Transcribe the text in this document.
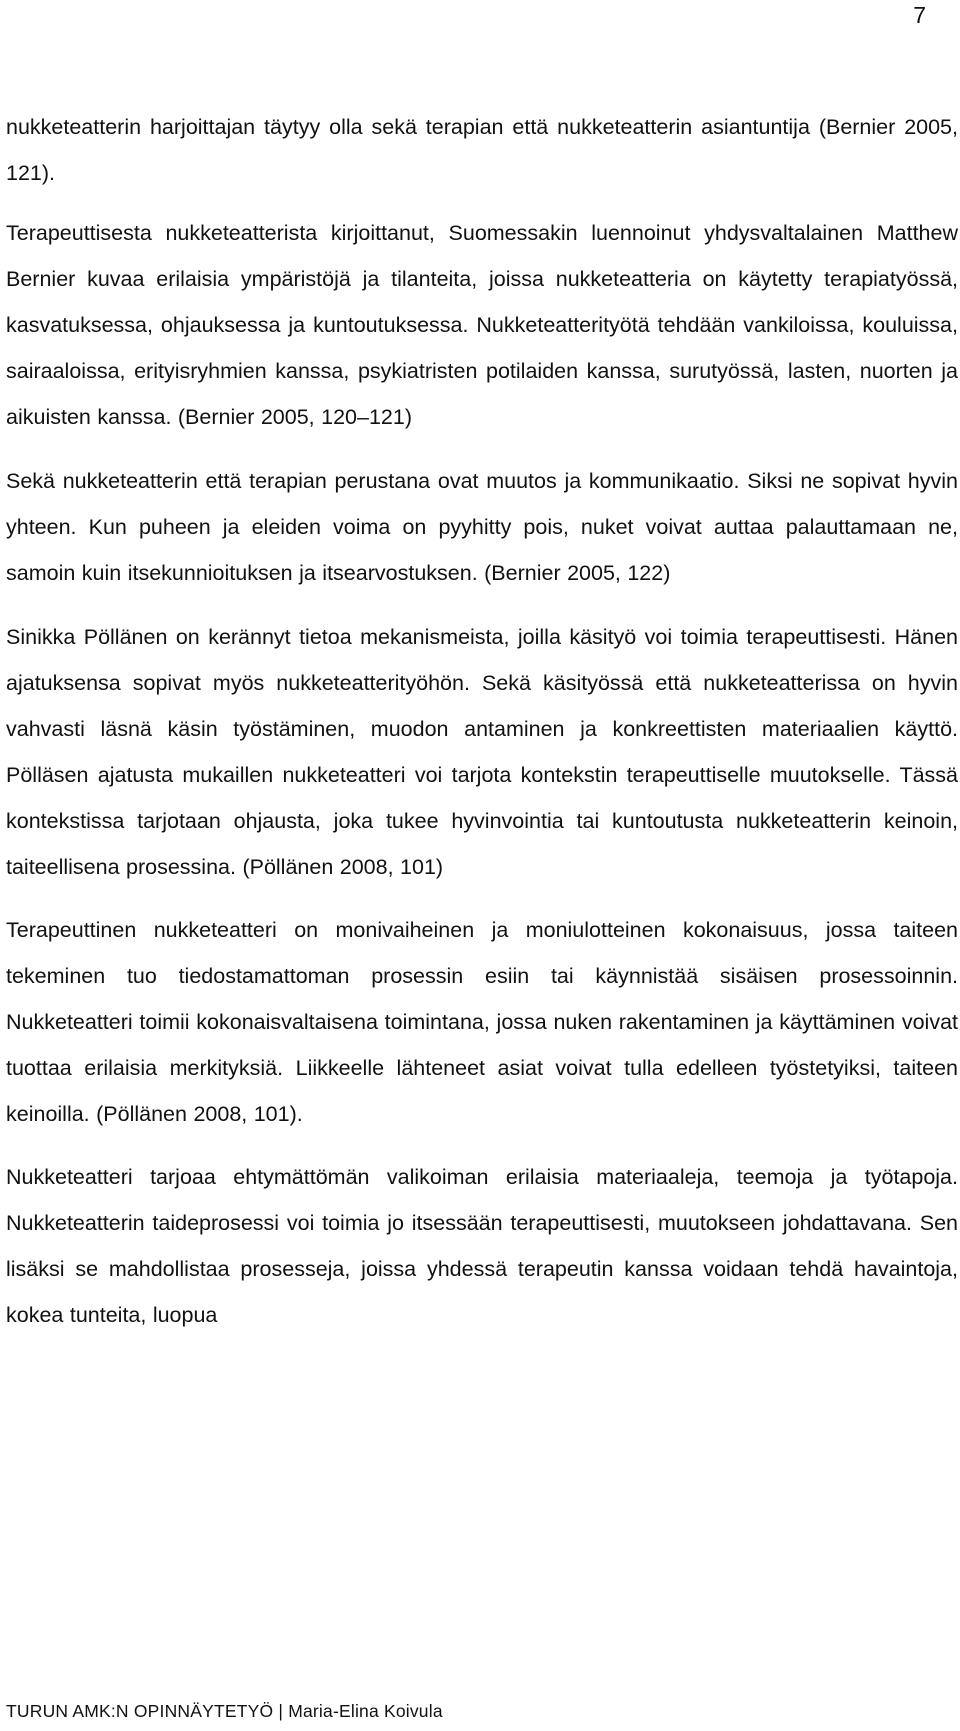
7

nukketeatterin harjoittajan täytyy olla sekä terapian että nukketeatterin asiantuntija (Bernier 2005, 121).

Terapeuttisesta nukketeatterista kirjoittanut, Suomessakin luennoinut yhdysvaltalainen Matthew Bernier kuvaa erilaisia ympäristöjä ja tilanteita, joissa nukketeatteria on käytetty terapiatyössä, kasvatuksessa, ohjauksessa ja kuntoutuksessa. Nukketeatterityötä tehdään vankiloissa, kouluissa, sairaaloissa, erityisryhmien kanssa, psykiatristen potilaiden kanssa, surutyössä, lasten, nuorten ja aikuisten kanssa. (Bernier 2005, 120–121)

Sekä nukketeatterin että terapian perustana ovat muutos ja kommunikaatio. Siksi ne sopivat hyvin yhteen. Kun puheen ja eleiden voima on pyyhitty pois, nuket voivat auttaa palauttamaan ne, samoin kuin itsekunnioituksen ja itsearvostuksen. (Bernier 2005, 122)

Sinikka Pöllänen on kerännyt tietoa mekanismeista, joilla käsityö voi toimia terapeuttisesti. Hänen ajatuksensa sopivat myös nukketeatterityöhön. Sekä käsityössä että nukketeatterissa on hyvin vahvasti läsnä käsin työstäminen, muodon antaminen ja konkreettisten materiaalien käyttö. Pölläsen ajatusta mukaillen nukketeatteri voi tarjota kontekstin terapeuttiselle muutokselle. Tässä kontekstissa tarjotaan ohjausta, joka tukee hyvinvointia tai kuntoutusta nukketeatterin keinoin, taiteellisena prosessina. (Pöllänen 2008, 101)

Terapeuttinen nukketeatteri on monivaiheinen ja moniulotteinen kokonaisuus, jossa taiteen tekeminen tuo tiedostamattoman prosessin esiin tai käynnistää sisäisen prosessoinnin. Nukketeatteri toimii kokonaisvaltaisena toimintana, jossa nuken rakentaminen ja käyttäminen voivat tuottaa erilaisia merkityksiä. Liikkeelle lähteneet asiat voivat tulla edelleen työstetyiksi, taiteen keinoilla. (Pöllänen 2008, 101).

Nukketeatteri tarjoaa ehtymättömän valikoiman erilaisia materiaaleja, teemoja ja työtapoja. Nukketeatterin taideprosessi voi toimia jo itsessään terapeuttisesti, muutokseen johdattavana. Sen lisäksi se mahdollistaa prosesseja, joissa yhdessä terapeutin kanssa voidaan tehdä havaintoja, kokea tunteita, luopua

TURUN AMK:N OPINNÄYTETYÖ | Maria-Elina Koivula
